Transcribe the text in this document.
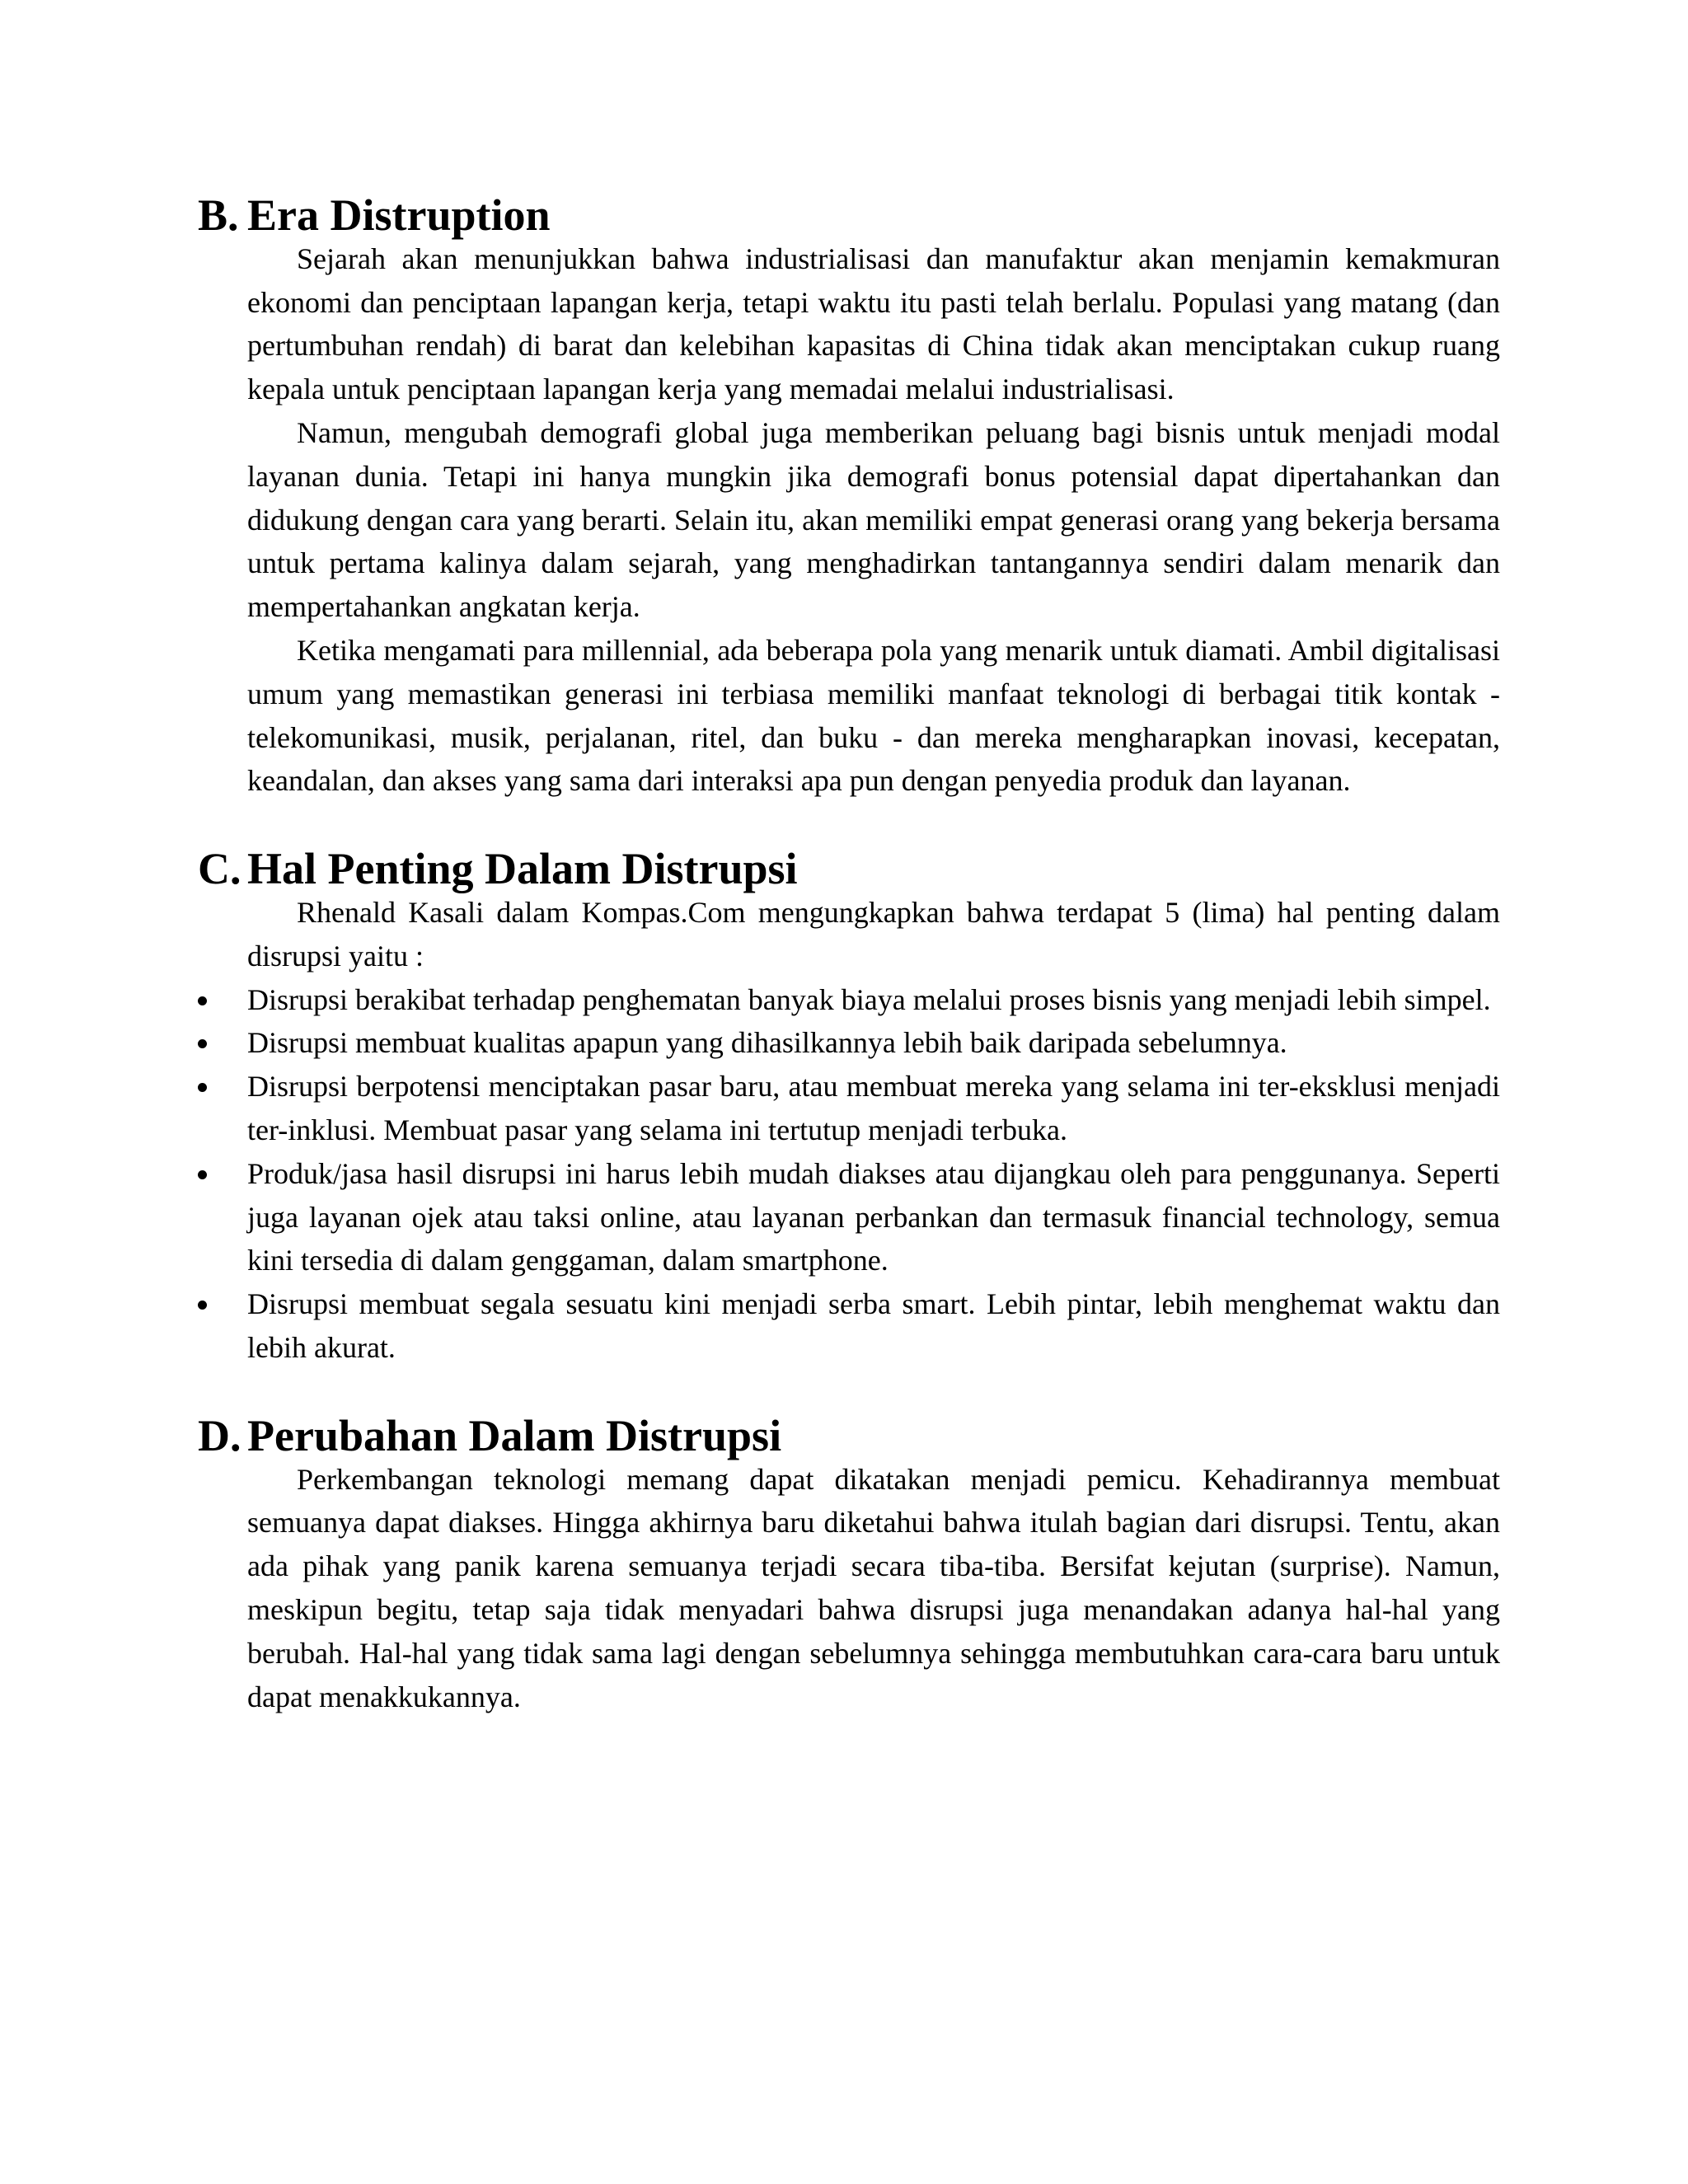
B. Era Distruption

Sejarah akan menunjukkan bahwa industrialisasi dan manufaktur akan menjamin kemakmuran ekonomi dan penciptaan lapangan kerja, tetapi waktu itu pasti telah berlalu. Populasi yang matang (dan pertumbuhan rendah) di barat dan kelebihan kapasitas di China tidak akan menciptakan cukup ruang kepala untuk penciptaan lapangan kerja yang memadai melalui industrialisasi.

Namun, mengubah demografi global juga memberikan peluang bagi bisnis untuk menjadi modal layanan dunia. Tetapi ini hanya mungkin jika demografi bonus potensial dapat dipertahankan dan didukung dengan cara yang berarti. Selain itu, akan memiliki empat generasi orang yang bekerja bersama untuk pertama kalinya dalam sejarah, yang menghadirkan tantangannya sendiri dalam menarik dan mempertahankan angkatan kerja.

Ketika mengamati para millennial, ada beberapa pola yang menarik untuk diamati. Ambil digitalisasi umum yang memastikan generasi ini terbiasa memiliki manfaat teknologi di berbagai titik kontak - telekomunikasi, musik, perjalanan, ritel, dan buku - dan mereka mengharapkan inovasi, kecepatan, keandalan, dan akses yang sama dari interaksi apa pun dengan penyedia produk dan layanan.

C. Hal Penting Dalam Distrupsi

Rhenald Kasali dalam Kompas.Com mengungkapkan bahwa terdapat 5 (lima) hal penting dalam disrupsi yaitu :

Disrupsi berakibat terhadap penghematan banyak biaya melalui proses bisnis yang menjadi lebih simpel.
Disrupsi membuat kualitas apapun yang dihasilkannya lebih baik daripada sebelumnya.
Disrupsi berpotensi menciptakan pasar baru, atau membuat mereka yang selama ini ter-eksklusi menjadi ter-inklusi. Membuat pasar yang selama ini tertutup menjadi terbuka.
Produk/jasa hasil disrupsi ini harus lebih mudah diakses atau dijangkau oleh para penggunanya. Seperti juga layanan ojek atau taksi online, atau layanan perbankan dan termasuk financial technology, semua kini tersedia di dalam genggaman, dalam smartphone.
Disrupsi membuat segala sesuatu kini menjadi serba smart. Lebih pintar, lebih menghemat waktu dan lebih akurat.
D. Perubahan Dalam Distrupsi

Perkembangan teknologi memang dapat dikatakan menjadi pemicu. Kehadirannya membuat semuanya dapat diakses. Hingga akhirnya baru diketahui bahwa itulah bagian dari disrupsi. Tentu, akan ada pihak yang panik karena semuanya terjadi secara tiba-tiba. Bersifat kejutan (surprise). Namun, meskipun begitu, tetap saja tidak menyadari bahwa disrupsi juga menandakan adanya hal-hal yang berubah. Hal-hal yang tidak sama lagi dengan sebelumnya sehingga membutuhkan cara-cara baru untuk dapat menakkukannya.
